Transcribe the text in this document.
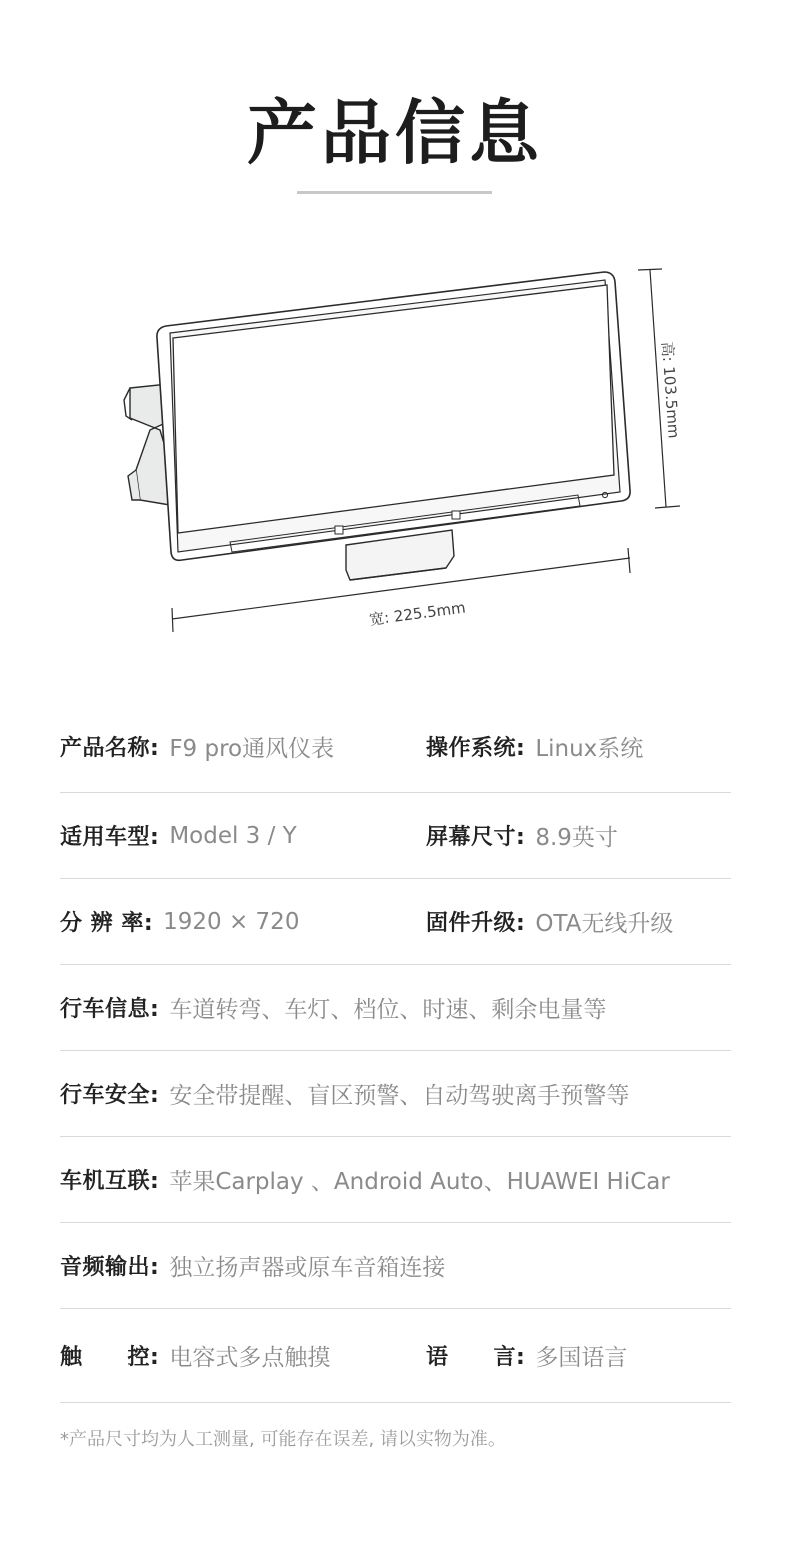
产品信息
高: 103.5mm
宽: 225.5mm
产品名称: F9 pro通风仪表	操作系统: Linux系统
适用车型: Model 3 / Y	屏幕尺寸: 8.9英寸
分 辨 率: 1920 × 720	固件升级: OTA无线升级
行车信息: 车道转弯、车灯、档位、时速、剩余电量等
行车安全: 安全带提醒、盲区预警、自动驾驶离手预警等
车机互联: 苹果Carplay 、Android Auto、HUAWEI HiCar
音频输出: 独立扬声器或原车音箱连接
触　　控: 电容式多点触摸	语　　言: 多国语言
*产品尺寸均为人工测量, 可能存在误差, 请以实物为准。
